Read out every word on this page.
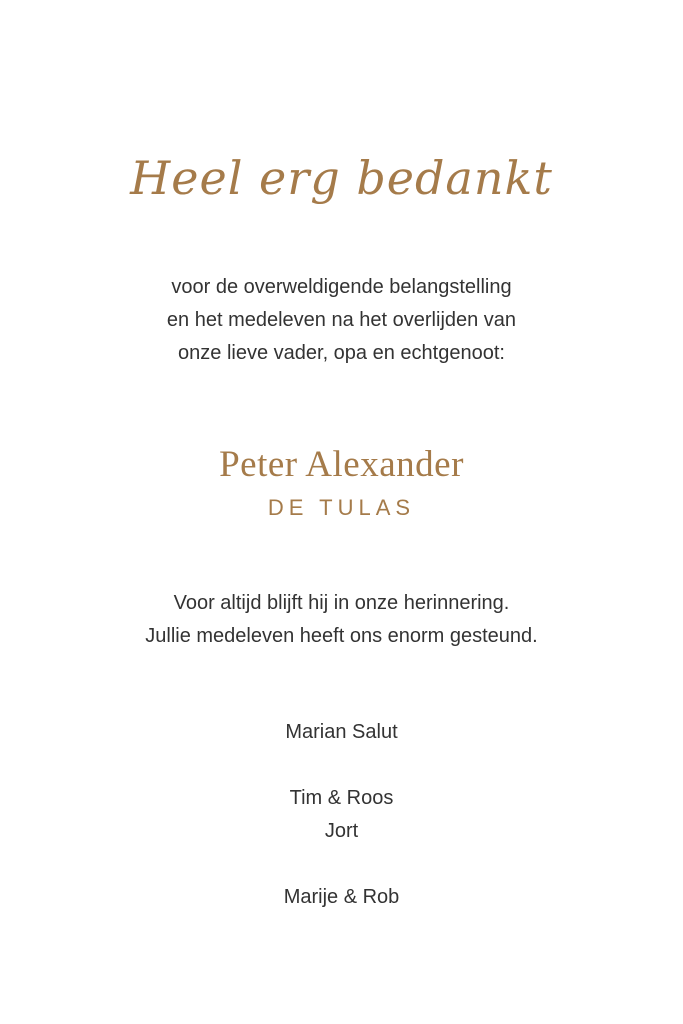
Heel erg bedankt
voor de overweldigende belangstelling
en het medeleven na het overlijden van
onze lieve vader, opa en echtgenoot:
Peter Alexander
DE TULAS
Voor altijd blijft hij in onze herinnering.
Jullie medeleven heeft ons enorm gesteund.
Marian Salut
Tim & Roos
Jort
Marije & Rob
